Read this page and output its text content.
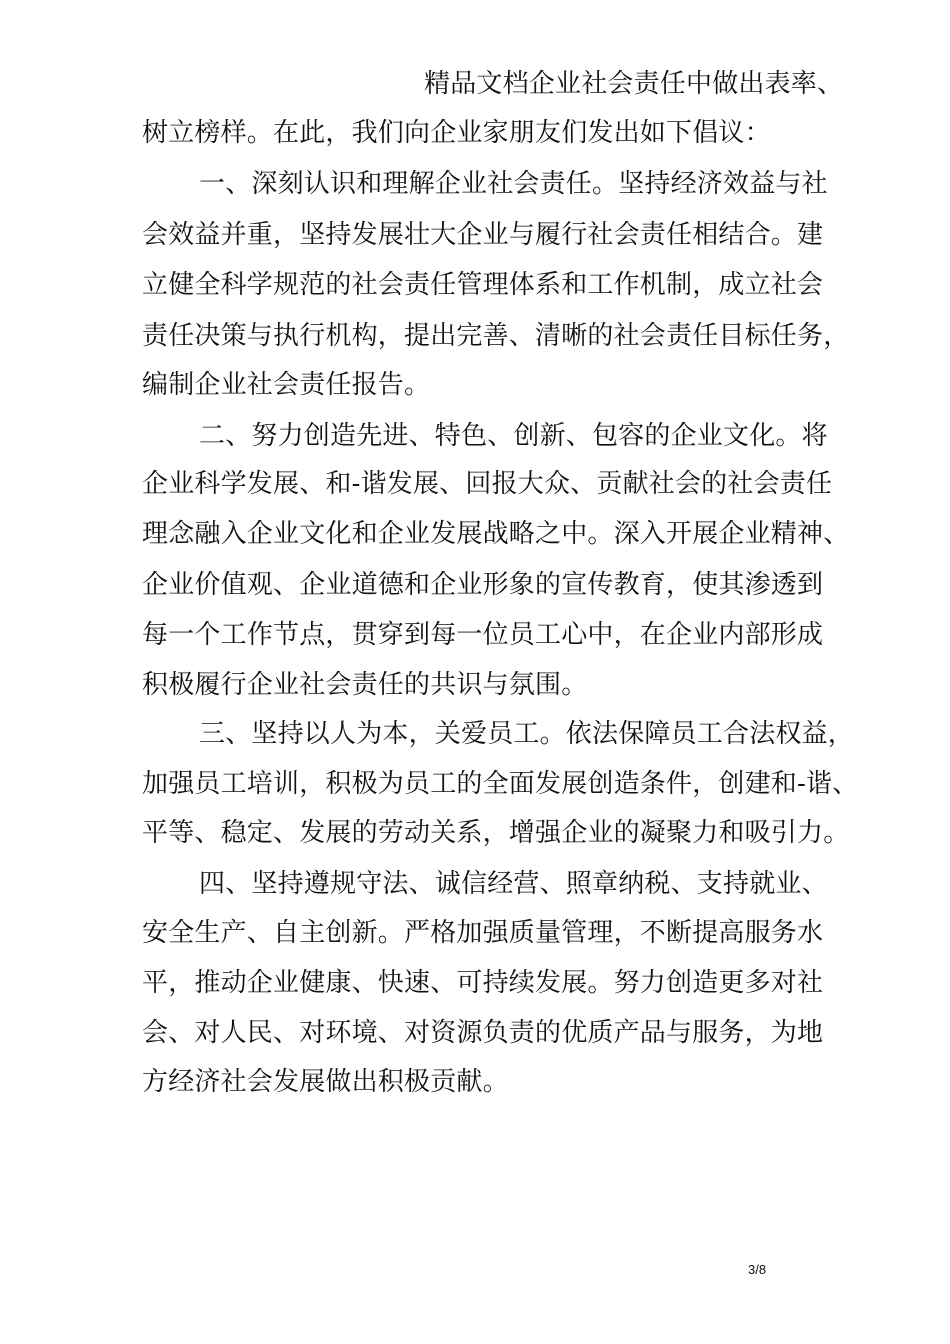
精品文档企业社会责任中做出表率、
树立榜样。在此，我们向企业家朋友们发出如下倡议：
一、深刻认识和理解企业社会责任。坚持经济效益与社
会效益并重，坚持发展壮大企业与履行社会责任相结合。建
立健全科学规范的社会责任管理体系和工作机制，成立社会
责任决策与执行机构，提出完善、清晰的社会责任目标任务，
编制企业社会责任报告。
二、努力创造先进、特色、创新、包容的企业文化。将
企业科学发展、和-谐发展、回报大众、贡献社会的社会责任
理念融入企业文化和企业发展战略之中。深入开展企业精神、
企业价值观、企业道德和企业形象的宣传教育，使其渗透到
每一个工作节点，贯穿到每一位员工心中，在企业内部形成
积极履行企业社会责任的共识与氛围。
三、坚持以人为本，关爱员工。依法保障员工合法权益，
加强员工培训，积极为员工的全面发展创造条件，创建和-谐、
平等、稳定、发展的劳动关系，增强企业的凝聚力和吸引力。
四、坚持遵规守法、诚信经营、照章纳税、支持就业、
安全生产、自主创新。严格加强质量管理，不断提高服务水
平，推动企业健康、快速、可持续发展。努力创造更多对社
会、对人民、对环境、对资源负责的优质产品与服务，为地
方经济社会发展做出积极贡献。
3/8
